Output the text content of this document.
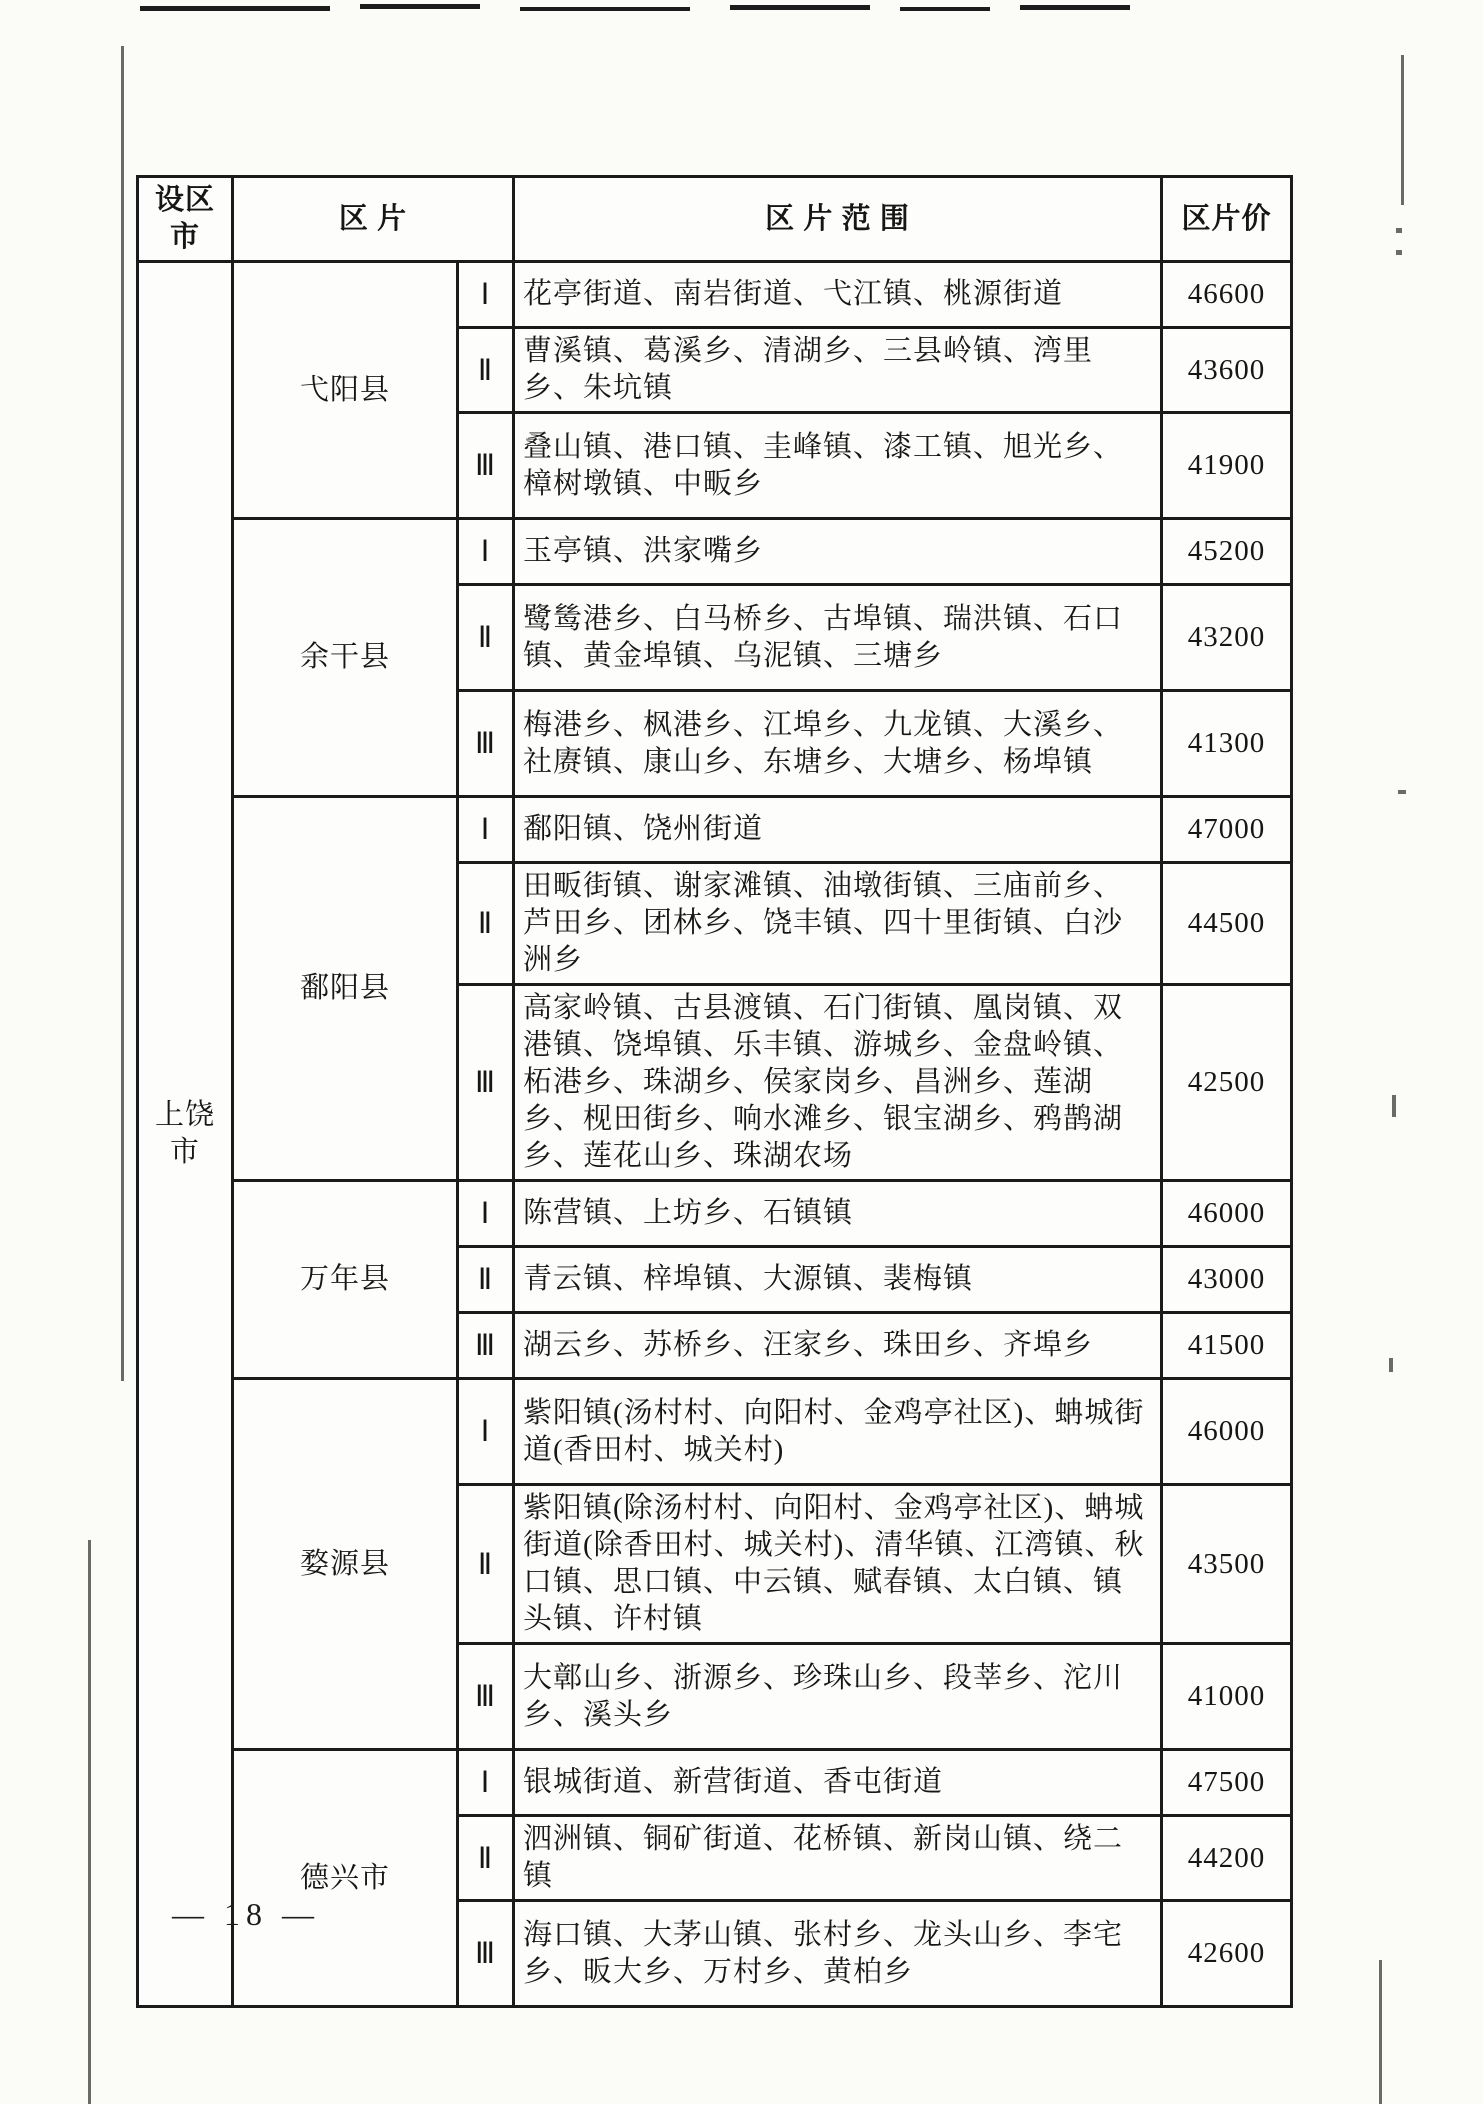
设区市	区 片		区 片 范 围	区片价
上饶市	弋阳县	Ⅰ	花亭街道、南岩街道、弋江镇、桃源街道	46600
		Ⅱ	曹溪镇、葛溪乡、清湖乡、三县岭镇、湾里乡、朱坑镇	43600
		Ⅲ	叠山镇、港口镇、圭峰镇、漆工镇、旭光乡、樟树墩镇、中畈乡	41900
	余干县	Ⅰ	玉亭镇、洪家嘴乡	45200
		Ⅱ	鹭鸶港乡、白马桥乡、古埠镇、瑞洪镇、石口镇、黄金埠镇、乌泥镇、三塘乡	43200
		Ⅲ	梅港乡、枫港乡、江埠乡、九龙镇、大溪乡、社赓镇、康山乡、东塘乡、大塘乡、杨埠镇	41300
	鄱阳县	Ⅰ	鄱阳镇、饶州街道	47000
		Ⅱ	田畈街镇、谢家滩镇、油墩街镇、三庙前乡、芦田乡、团林乡、饶丰镇、四十里街镇、白沙洲乡	44500
		Ⅲ	高家岭镇、古县渡镇、石门街镇、凰岗镇、双港镇、饶埠镇、乐丰镇、游城乡、金盘岭镇、柘港乡、珠湖乡、侯家岗乡、昌洲乡、莲湖乡、枧田街乡、响水滩乡、银宝湖乡、鸦鹊湖乡、莲花山乡、珠湖农场	42500
	万年县	Ⅰ	陈营镇、上坊乡、石镇镇	46000
		Ⅱ	青云镇、梓埠镇、大源镇、裴梅镇	43000
		Ⅲ	湖云乡、苏桥乡、汪家乡、珠田乡、齐埠乡	41500
	婺源县	Ⅰ	紫阳镇(汤村村、向阳村、金鸡亭社区)、蚺城街道(香田村、城关村)	46000
		Ⅱ	紫阳镇(除汤村村、向阳村、金鸡亭社区)、蚺城街道(除香田村、城关村)、清华镇、江湾镇、秋口镇、思口镇、中云镇、赋春镇、太白镇、镇头镇、许村镇	43500
		Ⅲ	大鄣山乡、浙源乡、珍珠山乡、段莘乡、沱川乡、溪头乡	41000
	德兴市	Ⅰ	银城街道、新营街道、香屯街道	47500
		Ⅱ	泗洲镇、铜矿街道、花桥镇、新岗山镇、绕二镇	44200
		Ⅲ	海口镇、大茅山镇、张村乡、龙头山乡、李宅乡、昄大乡、万村乡、黄柏乡	42600
— 18 —
